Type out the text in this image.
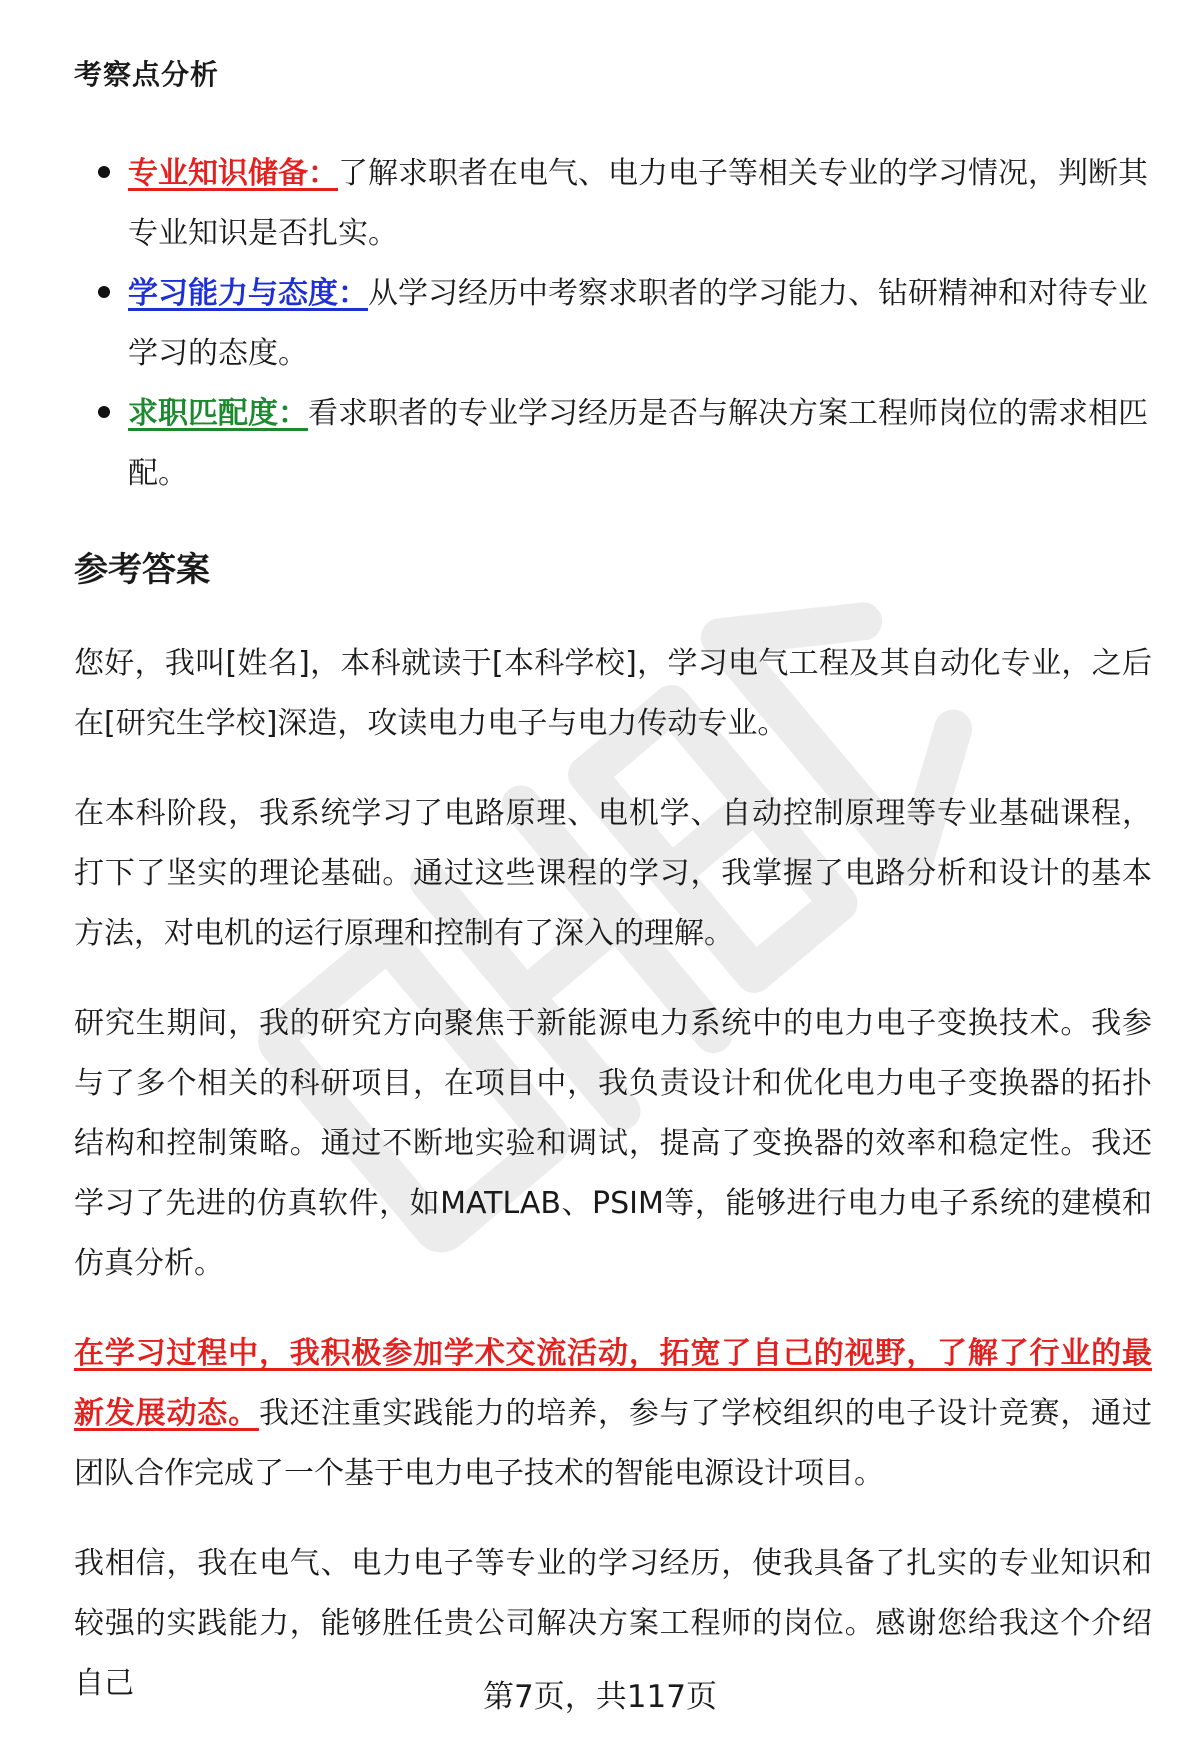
考察点分析
专业知识储备：了解求职者在电气、电力电子等相关专业的学习情况，判断其专业知识是否扎实。
学习能力与态度：从学习经历中考察求职者的学习能力、钻研精神和对待专业学习的态度。
求职匹配度：看求职者的专业学习经历是否与解决方案工程师岗位的需求相匹配。
参考答案

您好，我叫[姓名]，本科就读于[本科学校]，学习电气工程及其自动化专业，之后在[研究生学校]深造，攻读电力电子与电力传动专业。

在本科阶段，我系统学习了电路原理、电机学、自动控制原理等专业基础课程，打下了坚实的理论基础。通过这些课程的学习，我掌握了电路分析和设计的基本方法，对电机的运行原理和控制有了深入的理解。

研究生期间，我的研究方向聚焦于新能源电力系统中的电力电子变换技术。我参与了多个相关的科研项目，在项目中，我负责设计和优化电力电子变换器的拓扑结构和控制策略。通过不断地实验和调试，提高了变换器的效率和稳定性。我还学习了先进的仿真软件，如MATLAB、PSIM等，能够进行电力电子系统的建模和仿真分析。

在学习过程中，我积极参加学术交流活动，拓宽了自己的视野，了解了行业的最新发展动态。我还注重实践能力的培养，参与了学校组织的电子设计竞赛，通过团队合作完成了一个基于电力电子技术的智能电源设计项目。

我相信，我在电气、电力电子等专业的学习经历，使我具备了扎实的专业知识和较强的实践能力，能够胜任贵公司解决方案工程师的岗位。感谢您给我这个介绍自己	第7页，共117页
